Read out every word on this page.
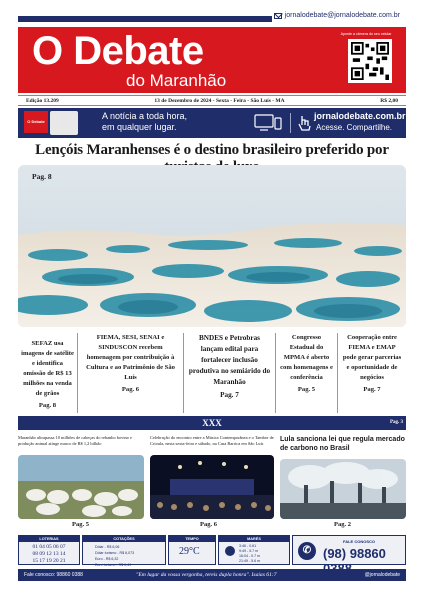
jornalodebate@jornalodebate.com.br
O Debate
do Maranhão
Aponte a câmera do seu celular
Edição 13.209	13 de Dezembro de 2024 - Sexta - Feira - São Luís - MA	R$ 2,00
O Debate
A notícia a toda hora,
em qualquer lugar.
jornalodebate.com.br
Acesse. Compartilhe.
Lençóis Maranhenses é o destino brasileiro preferido por
Pag. 8
SEFAZ usa imagens de satélite e identifica omissão de R$ 13 milhões na venda de grãos
Pag. 8
FIEMA, SESI, SENAI e SINDUSCON recebem homenagem por contribuição à Cultura e ao Patrimônio de São Luís
Pag. 6
BNDES e Petrobras lançam edital para fortalecer inclusão produtiva no semiárido do Maranhão
Pag. 7
Congresso Estadual do MPMA é aberto com homenagens e conferência
Pag. 5
Cooperação entre FIEMA e EMAP pode gerar parcerias e oportunidade de negócios
Pag. 7
XXX	Pag. 3
Maranhão ultrapassa 10 milhões de cabeças do rebanho bovino e produção animal atinge marco de R$ 1,2 bilhão
Celebração do encontro entre a Música Contemporânea e o Tambor de Crioula, nesta sexta-feira e sábado, na Casa Barrica em São Luís
Lula sanciona lei que regula mercado de carbono no Brasil
Pag. 5	Pag. 6	Pag. 2
LOTERIAS
01 04 05 06 07
08 09 12 13 14
15 17 19 20 21
COTAÇÕES
Dólar - R$ 6,06
Dólar turismo - R$ 6,073
Euro - R$ 6,32
Euro turismo - R$ 6,49
TEMPO
29°C
MARÉS
3:46 - 0.61
9:49 - 5.7 m
16:04 - 0.7 m
21:49 - 5.6 m
✆
FALE CONOSCO
(98) 98860
Fale conosco: 98860 0388	"Em lugar da vossa vergonha, tereis dupla honra". Isaías 61:7	@jornalodebate
